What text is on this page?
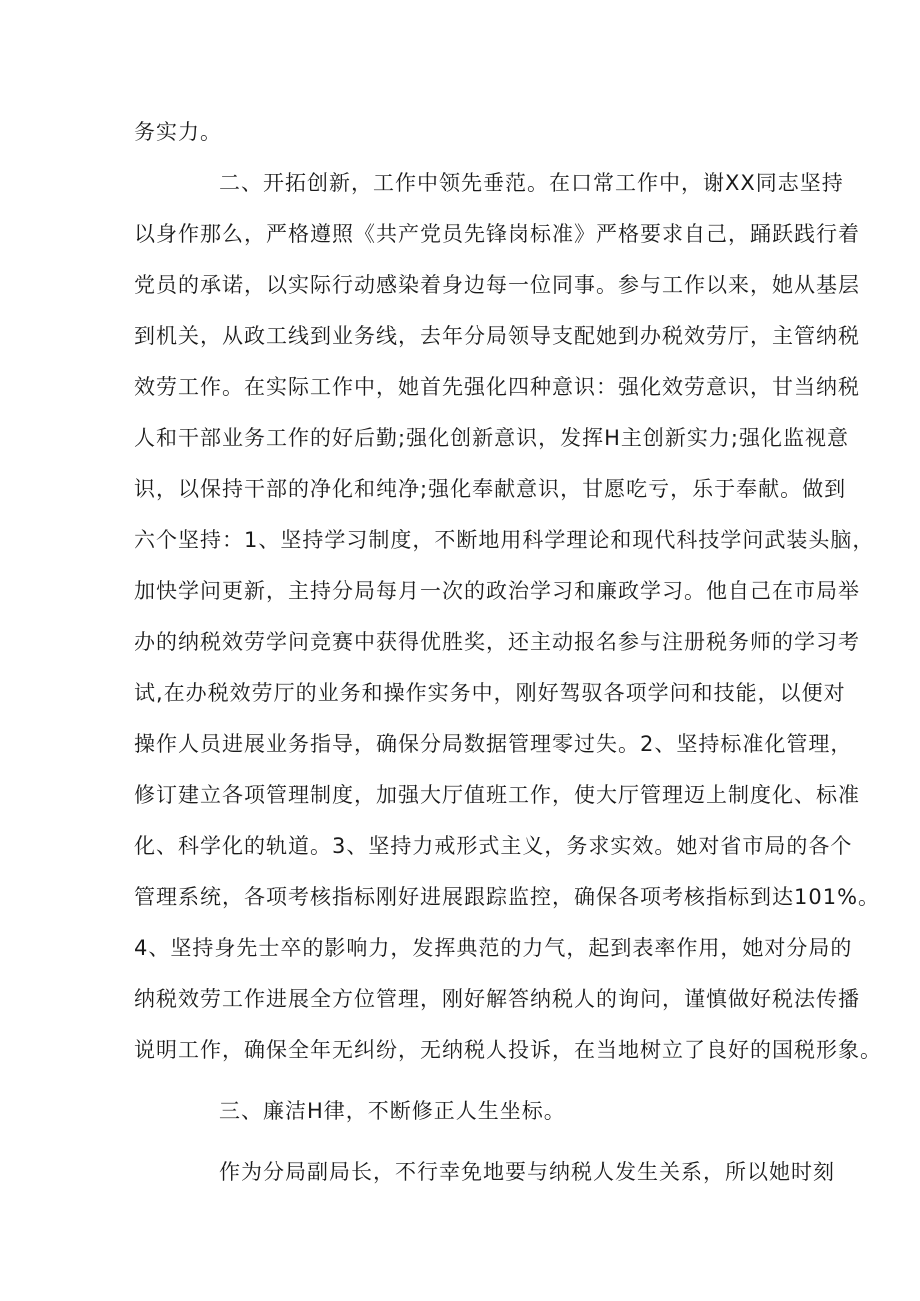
务实力。
二、开拓创新，工作中领先垂范。在口常工作中，谢XX同志坚持
以身作那么，严格遵照《共产党员先锋岗标准》严格要求自己，踊跃践行着
党员的承诺，以实际行动感染着身边每一位同事。参与工作以来，她从基层
到机关，从政工线到业务线，去年分局领导支配她到办税效劳厅，主管纳税
效劳工作。在实际工作中，她首先强化四种意识：强化效劳意识，甘当纳税
人和干部业务工作的好后勤;强化创新意识，发挥H主创新实力;强化监视意
识，以保持干部的净化和纯净;强化奉献意识，甘愿吃亏，乐于奉献。做到
六个坚持：1、坚持学习制度，不断地用科学理论和现代科技学问武装头脑，
加快学问更新，主持分局每月一次的政治学习和廉政学习。他自己在市局举
办的纳税效劳学问竞赛中获得优胜奖，还主动报名参与注册税务师的学习考
试,在办税效劳厅的业务和操作实务中，刚好驾驭各项学问和技能，以便对
操作人员进展业务指导，确保分局数据管理零过失。2、坚持标准化管理，
修订建立各项管理制度，加强大厅值班工作，使大厅管理迈上制度化、标准
化、科学化的轨道。3、坚持力戒形式主义，务求实效。她对省市局的各个
管理系统，各项考核指标刚好进展跟踪监控，确保各项考核指标到达101%。
4、坚持身先士卒的影响力，发挥典范的力气，起到表率作用，她对分局的
纳税效劳工作进展全方位管理，刚好解答纳税人的询问，谨慎做好税法传播
说明工作，确保全年无纠纷，无纳税人投诉，在当地树立了良好的国税形象。
三、廉洁H律，不断修正人生坐标。
作为分局副局长，不行幸免地要与纳税人发生关系，所以她时刻
